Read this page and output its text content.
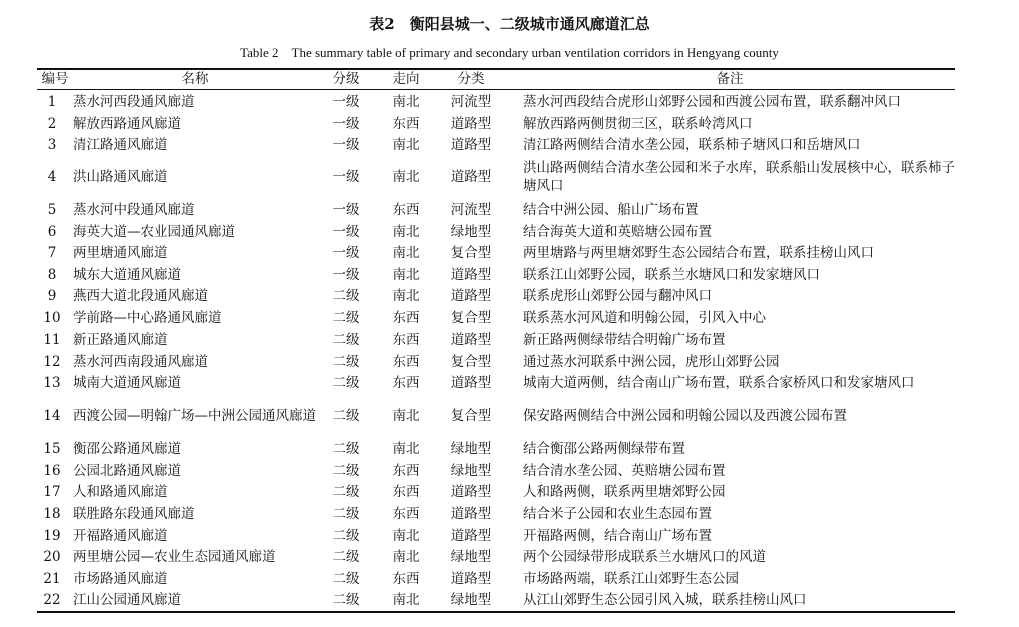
表2　衡阳县城一、二级城市通风廊道汇总
Table 2　The summary table of primary and secondary urban ventilation corridors in Hengyang county
编号	名称	分级	走向	分类	备注
1 蒸水河西段通风廊道	一级 南北 河流型 蒸水河西段结合虎形山郊野公园和西渡公园布置，联系翻冲风口
2 解放西路通风廊道	一级 东西 道路型 解放西路两侧贯彻三区，联系岭湾风口
3 清江路通风廊道	一级 南北 道路型 清江路两侧结合清水垄公园，联系柿子塘风口和岳塘风口
4 洪山路通风廊道	一级 南北 道路型
洪山路两侧结合清水垄公园和米子水库，联系船山发展核中心，联系柿子塘风口
5 蒸水河中段通风廊道	一级 东西 河流型 结合中洲公园、船山广场布置
6 海英大道—农业园通风廊道	一级 南北 绿地型 结合海英大道和英赔塘公园布置
7 两里塘通风廊道	一级 南北 复合型 两里塘路与两里塘郊野生态公园结合布置，联系挂榜山风口
8 城东大道通风廊道	一级 南北 道路型 联系江山郊野公园，联系兰水塘风口和发家塘风口
9 燕西大道北段通风廊道	二级 南北 道路型 联系虎形山郊野公园与翻冲风口
10 学前路—中心路通风廊道	二级 东西 复合型 联系蒸水河风道和明翰公园，引风入中心
11 新正路通风廊道	二级 东西 道路型 新正路两侧绿带结合明翰广场布置
12 蒸水河西南段通风廊道	二级 东西 复合型 通过蒸水河联系中洲公园，虎形山郊野公园
13 城南大道通风廊道	二级 东西 道路型 城南大道两侧，结合南山广场布置，联系合家桥风口和发家塘风口
14 西渡公园—明翰广场—中洲公园通风廊道 二级 南北 复合型 保安路两侧结合中洲公园和明翰公园以及西渡公园布置
15 衡邵公路通风廊道	二级 南北 绿地型 结合衡邵公路两侧绿带布置
16 公园北路通风廊道	二级 东西 绿地型 结合清水垄公园、英赔塘公园布置
17 人和路通风廊道	二级 东西 道路型 人和路两侧，联系两里塘郊野公园
18 联胜路东段通风廊道	二级 东西 道路型 结合米子公园和农业生态园布置
19 开福路通风廊道	二级 南北 道路型 开福路两侧，结合南山广场布置
20 两里塘公园—农业生态园通风廊道	二级 南北 绿地型 两个公园绿带形成联系兰水塘风口的风道
21 市场路通风廊道	二级 东西 道路型 市场路两端，联系江山郊野生态公园
22 江山公园通风廊道	二级 南北 绿地型 从江山郊野生态公园引风入城，联系挂榜山风口
